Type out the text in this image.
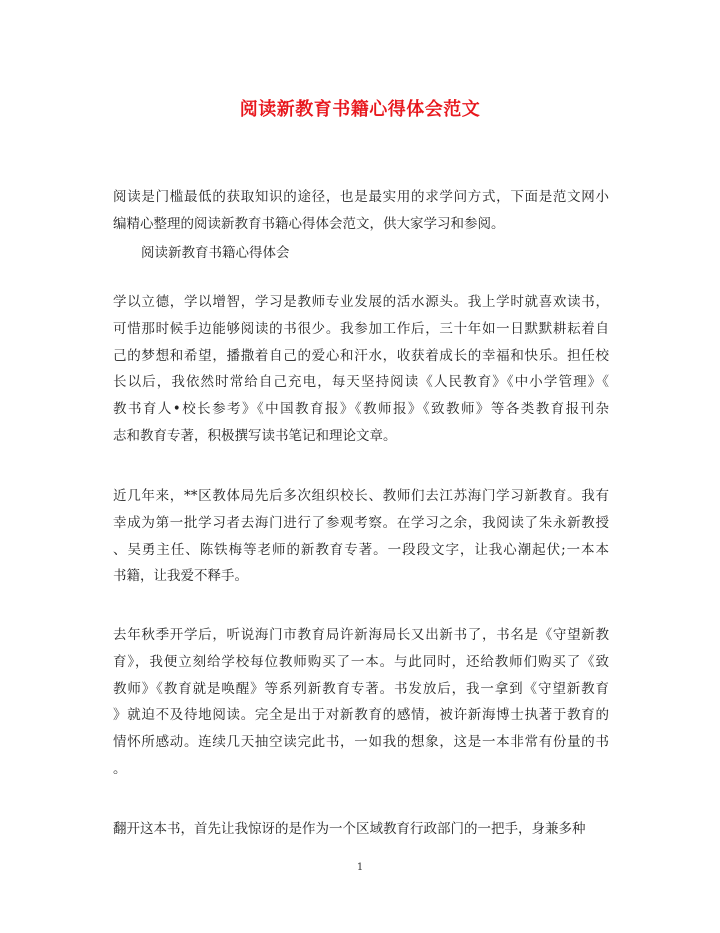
阅读新教育书籍心得体会范文

阅读是门槛最低的获取知识的途径，也是最实用的求学问方式，下面是范文网小
编精心整理的阅读新教育书籍心得体会范文，供大家学习和参阅。

阅读新教育书籍心得体会

学以立德，学以增智，学习是教师专业发展的活水源头。我上学时就喜欢读书，
可惜那时候手边能够阅读的书很少。我参加工作后，三十年如一日默默耕耘着自
己的梦想和希望，播撒着自己的爱心和汗水，收获着成长的幸福和快乐。担任校
长以后，我依然时常给自己充电，每天坚持阅读《人民教育》《中小学管理》《
教书育人•校长参考》《中国教育报》《教师报》《致教师》等各类教育报刊杂
志和教育专著，积极撰写读书笔记和理论文章。

近几年来，**区教体局先后多次组织校长、教师们去江苏海门学习新教育。我有
幸成为第一批学习者去海门进行了参观考察。在学习之余，我阅读了朱永新教授
、吴勇主任、陈铁梅等老师的新教育专著。一段段文字，让我心潮起伏;一本本
书籍，让我爱不释手。

去年秋季开学后，听说海门市教育局许新海局长又出新书了，书名是《守望新教
育》，我便立刻给学校每位教师购买了一本。与此同时，还给教师们购买了《致
教师》《教育就是唤醒》等系列新教育专著。书发放后，我一拿到《守望新教育
》就迫不及待地阅读。完全是出于对新教育的感情，被许新海博士执著于教育的
情怀所感动。连续几天抽空读完此书，一如我的想象，这是一本非常有份量的书
。

翻开这本书，首先让我惊讶的是作为一个区域教育行政部门的一把手，身兼多种

1
